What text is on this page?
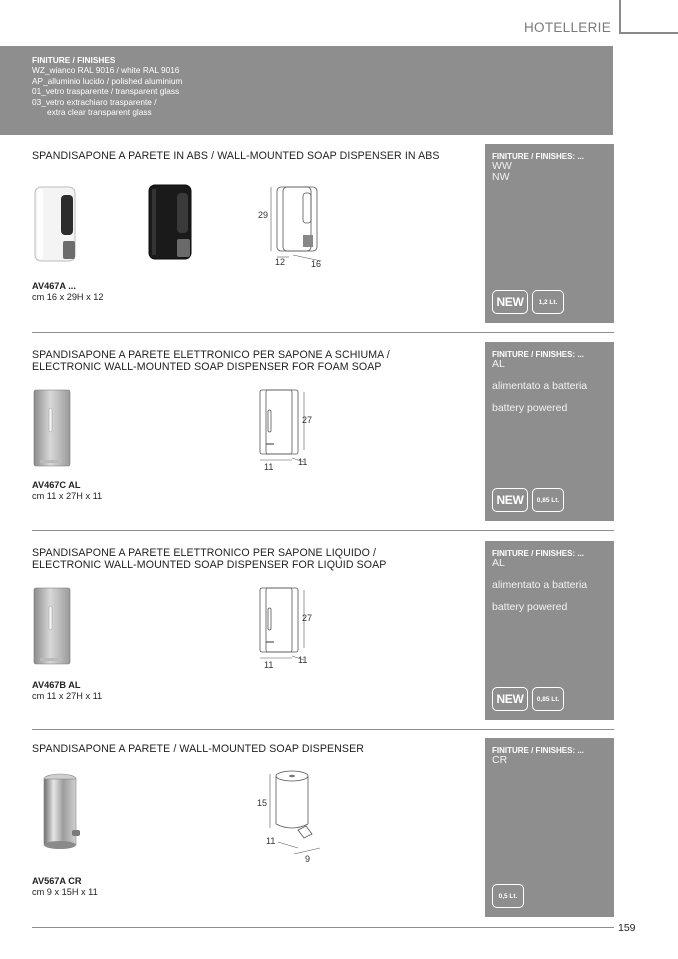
HOTELLERIE
FINITURE / FINISHES
WZ_wianco RAL 9016 / white RAL 9016
AP_alluminio lucido / polished aluminium
01_vetro trasparente / transparent glass
03_vetro extrachiaro trasparente /
extra clear transparent glass
SPANDISAPONE A PARETE IN ABS / WALL-MOUNTED SOAP DISPENSER IN ABS	FINITURE / FINISHES: ...
WW
NW
NEW	1,2 Lt.
29
12	16
AV467A ...
cm 16 x 29H x 12
SPANDISAPONE A PARETE ELETTRONICO PER SAPONE A SCHIUMA /
ELECTRONIC WALL-MOUNTED SOAP DISPENSER FOR FOAM SOAP
FINITURE / FINISHES: ...
AL
alimentato a batteria
battery powered
NEW	0,85 Lt.
27
11	11
AV467C AL
cm 11 x 27H x 11
SPANDISAPONE A PARETE ELETTRONICO PER SAPONE LIQUIDO /
ELECTRONIC WALL-MOUNTED SOAP DISPENSER FOR LIQUID SOAP
FINITURE / FINISHES: ...
AL
alimentato a batteria
battery powered
NEW	0,85 Lt.
27
11	11
AV467B AL
cm 11 x 27H x 11
SPANDISAPONE A PARETE / WALL-MOUNTED SOAP DISPENSER	FINITURE / FINISHES: ...
CR
0,5 Lt.
15
11
9
AV567A CR
cm 9 x 15H x 11
159
